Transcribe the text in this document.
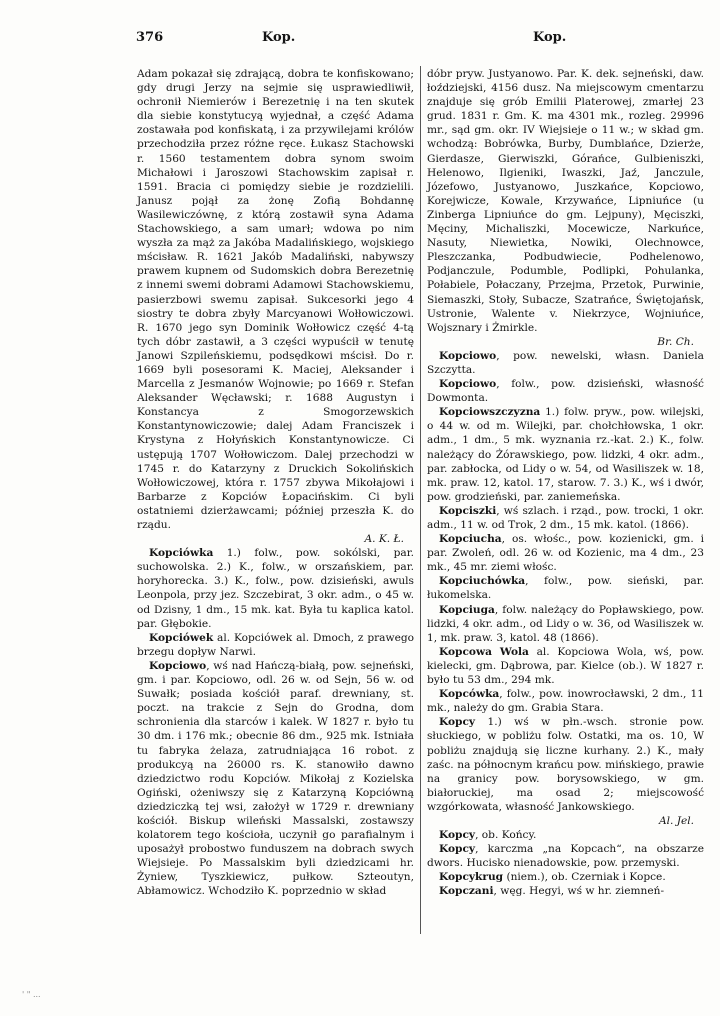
376	Kop.	Kop.

Adam pokazał się zdrającą, dobra te konfiskowano; gdy drugi Jerzy na sejmie się usprawiedliwił, ochronił Niemierów i Berezetnię i na ten skutek dla siebie konstytucyą wyjednał, a część Adama zostawała pod konfiskatą, i za przywilejami królów przechodziła przez różne ręce. Łukasz Stachowski r. 1560 testamentem dobra synom swoim Michałowi i Jaroszowi Stachowskim zapisał r. 1591. Bracia ci pomiędzy siebie je rozdzielili. Janusz pojął za żonę Zofią Bohdannę Wasilewiczównę, z którą zostawił syna Adama Stachowskiego, a sam umarł; wdowa po nim wyszła za mąż za Jakóba Madalińskiego, wojskiego mścisław. R. 1621 Jakób Madaliński, nabywszy prawem kupnem od Sudomskich dobra Berezetnię z innemi swemi dobrami Adamowi Stachowskiemu, pasierzbowi swemu zapisał. Sukcesorki jego 4 siostry te dobra zbyły Marcyanowi Wołłowiczowi. R. 1670 jego syn Dominik Wołłowicz część 4-tą tych dóbr zastawił, a 3 części wypuścił w tenutę Janowi Szpileńskiemu, podsędkowi mścisł. Do r. 1669 byli posesorami K. Maciej, Aleksander i Marcella z Jesmanów Wojnowie; po 1669 r. Stefan Aleksander Węcławski; r. 1688 Augustyn i Konstancya z Smogorzewskich Konstantynowiczowie; dalej Adam Franciszek i Krystyna z Hołyńskich Konstantynowicze. Ci ustępują 1707 Wołłowiczom. Dalej przechodzi w 1745 r. do Katarzyny z Druckich Sokolińskich Wołłowiczowej, która r. 1757 zbywa Mikołajowi i Barbarze z Kopciów Łopacińskim. Ci byli ostatniemi dzierżawcami; później przeszła K. do rządu.
A. K. Ł.

Kopciówka 1.) folw., pow. sokólski, par. suchowolska. 2.) K., folw., w orszańskiem, par. horyhorecka. 3.) K., folw., pow. dzisieński, awuls Leonpola, przy jez. Szczebirat, 3 okr. adm., o 45 w. od Dzisny, 1 dm., 15 mk. kat. Była tu kaplica katol. par. Głębokie.

Kopciówek al. Kopciówek al. Dmoch, z prawego brzegu dopływ Narwi.

Kopciowo, wś nad Hańczą-białą, pow. sejneński, gm. i par. Kopciowo, odl. 26 w. od Sejn, 56 w. od Suwałk; posiada kościół paraf. drewniany, st. poczt. na trakcie z Sejn do Grodna, dom schronienia dla starców i kalek. W 1827 r. było tu 30 dm. i 176 mk.; obecnie 86 dm., 925 mk. Istniała tu fabryka żelaza, zatrudniająca 16 robot. z produkcyą na 26000 rs. K. stanowiło dawno dziedzictwo rodu Kopciów. Mikołaj z Kozielska Ogiński, ożeniwszy się z Katarzyną Kopciówną dziedziczką tej wsi, założył w 1729 r. drewniany kościół. Biskup wileński Massalski, zostawszy kolatorem tego kościoła, uczynił go parafialnym i uposażył probostwo funduszem na dobrach swych Wiejsieje. Po Massalskim byli dziedzicami hr. Żyniew, Tyszkiewicz, pułkow. Szteoutyn, Abłamowicz. Wchodziło K. poprzednio w skład

dóbr pryw. Justyanowo. Par. K. dek. sejneński, daw. łoździejski, 4156 dusz. Na miejscowym cmentarzu znajduje się grób Emilii Platerowej, zmarłej 23 grud. 1831 r. Gm. K. ma 4301 mk., rozleg. 29996 mr., sąd gm. okr. IV Wiejsieje o 11 w.; w skład gm. wchodzą: Bobrówka, Burby, Dumblańce, Dzierże, Gierdasze, Gierwiszki, Górańce, Gulbieniszki, Helenowo, Ilgieniki, Iwaszki, Jaź, Janczule, Józefowo, Justyanowo, Juszkańce, Kopciowo, Korejwicze, Kowale, Krzywańce, Lipniuńce (u Zinberga Lipniuńce do gm. Lejpuny), Męciszki, Męciny, Michaliszki, Mocewicze, Narkuńce, Nasuty, Niewietka, Nowiki, Olechnowce, Pleszczanka, Podbudwiecie, Podhelenowo, Podjanczule, Podumble, Podlipki, Pohulanka, Połabiele, Połaczany, Przejma, Przetok, Purwinie, Siemaszki, Stoły, Subacze, Szatrańce, Świętojańsk, Ustronie, Walente v. Niekrzyce, Wojniuńce, Wojsznary i Żmirkle.
Br. Ch.

Kopciowo, pow. newelski, własn. Daniela Szczytta.

Kopciowo, folw., pow. dzisieński, własność Dowmonta.

Kopciowszczyzna 1.) folw. pryw., pow. wilejski, o 44 w. od m. Wilejki, par. chołchłowska, 1 okr. adm., 1 dm., 5 mk. wyznania rz.-kat. 2.) K., folw. należący do Żórawskiego, pow. lidzki, 4 okr. adm., par. zabłocka, od Lidy o w. 54, od Wasiliszek w. 18, mk. praw. 12, katol. 17, starow. 7. 3.) K., wś i dwór, pow. grodzieński, par. zaniemeńska.

Kopciszki, wś szlach. i rząd., pow. trocki, 1 okr. adm., 11 w. od Trok, 2 dm., 15 mk. katol. (1866).

Kopciucha, os. włośc., pow. kozienicki, gm. i par. Zwoleń, odl. 26 w. od Kozienic, ma 4 dm., 23 mk., 45 mr. ziemi włośc.

Kopciuchówka, folw., pow. sieński, par. łukomelska.

Kopciuga, folw. należący do Popławskiego, pow. lidzki, 4 okr. adm., od Lidy o w. 36, od Wasiliszek w. 1, mk. praw. 3, katol. 48 (1866).

Kopcowa Wola al. Kopciowa Wola, wś, pow. kielecki, gm. Dąbrowa, par. Kielce (ob.). W 1827 r. było tu 53 dm., 294 mk.

Kopcówka, folw., pow. inowrocławski, 2 dm., 11 mk., należy do gm. Grabia Stara.

Kopcy 1.) wś w płn.-wsch. stronie pow. słuckiego, w pobliżu folw. Ostatki, ma os. 10, W pobliżu znajdują się liczne kurhany. 2.) K., mały zaśc. na północnym krańcu pow. mińskiego, prawie na granicy pow. borysowskiego, w gm. białoruckiej, ma osad 2; miejscowość wzgórkowata, własność Jankowskiego.
Al. Jel.

Kopcy, ob. Końcy.

Kopcy, karczma „na Kopcach“, na obszarze dwors. Hucisko nienadowskie, pow. przemyski.

Kopcykrug (niem.), ob. Czerniak i Kopce.

Kopczani, węg. Hegyi, wś w hr. ziemneń-

' " ...
